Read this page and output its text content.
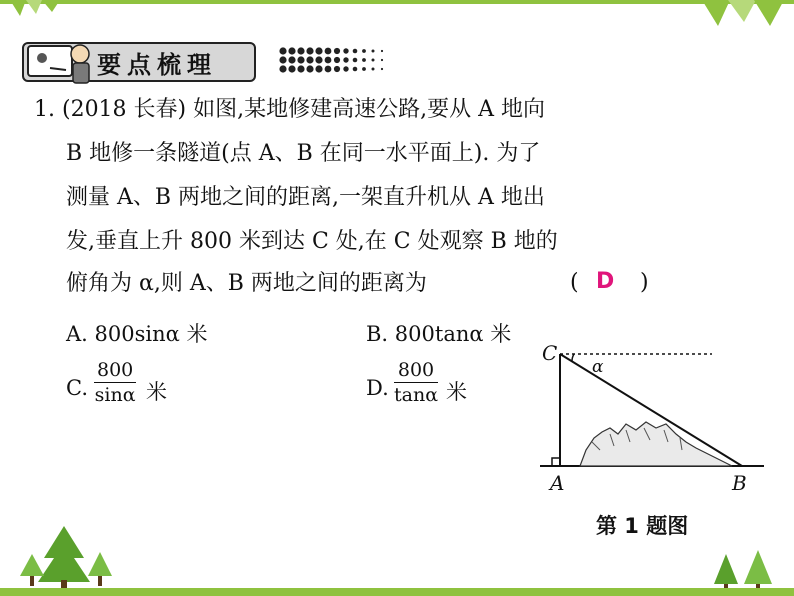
要点梳理
1. (2018 长春) 如图,某地修建高速公路,要从 A 地向
B 地修一条隧道(点 A、B 在同一水平面上). 为了
测量 A、B 两地之间的距离,一架直升机从 A 地出
发,垂直上升 800 米到达 C 处,在 C 处观察 B 地的
俯角为 α,则 A、B 两地之间的距离为	( D )
A. 800sinα 米	B. 800tanα 米
C. $\frac{800}{\sin\alpha}$ 米	D. $\frac{800}{\tan\alpha}$ 米
C
α
A	B
第 1 题图
